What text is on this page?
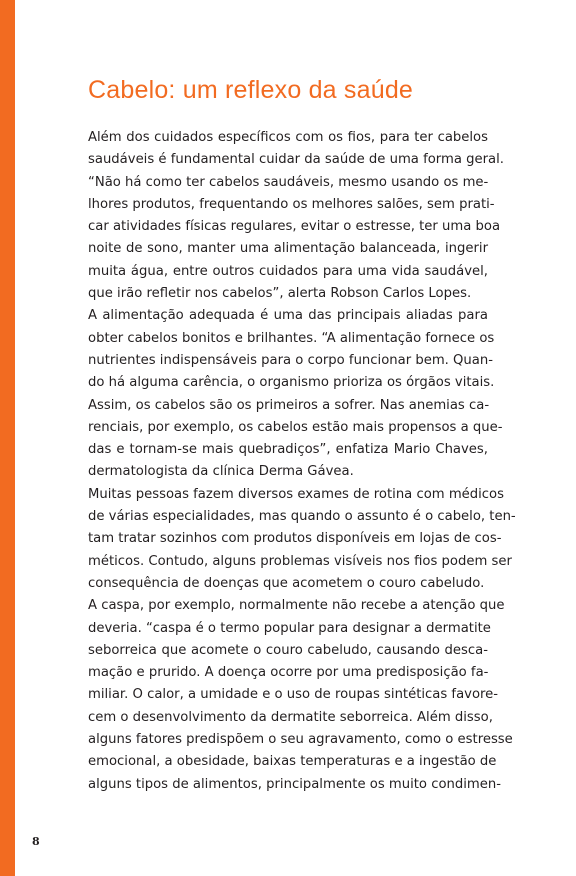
Cabelo: um reflexo da saúde
Além dos cuidados específicos com os fios, para ter cabelos
saudáveis é fundamental cuidar da saúde de uma forma geral.
“Não há como ter cabelos saudáveis, mesmo usando os me-
lhores produtos, frequentando os melhores salões, sem prati-
car atividades físicas regulares, evitar o estresse, ter uma boa
noite de sono, manter uma alimentação balanceada, ingerir
muita água, entre outros cuidados para uma vida saudável,
que irão refletir nos cabelos”, alerta Robson Carlos Lopes.
A alimentação adequada é uma das principais aliadas para
obter cabelos bonitos e brilhantes. “A alimentação fornece os
nutrientes indispensáveis para o corpo funcionar bem. Quan-
do há alguma carência, o organismo prioriza os órgãos vitais.
Assim, os cabelos são os primeiros a sofrer. Nas anemias ca-
renciais, por exemplo, os cabelos estão mais propensos a que-
das e tornam-se mais quebradiços”, enfatiza Mario Chaves,
dermatologista da clínica Derma Gávea.
Muitas pessoas fazem diversos exames de rotina com médicos
de várias especialidades, mas quando o assunto é o cabelo, ten-
tam tratar sozinhos com produtos disponíveis em lojas de cos-
méticos. Contudo, alguns problemas visíveis nos fios podem ser
consequência de doenças que acometem o couro cabeludo.
A caspa, por exemplo, normalmente não recebe a atenção que
deveria. “caspa é o termo popular para designar a dermatite
seborreica que acomete o couro cabeludo, causando desca-
mação e prurido. A doença ocorre por uma predisposição fa-
miliar. O calor, a umidade e o uso de roupas sintéticas favore-
cem o desenvolvimento da dermatite seborreica. Além disso,
alguns fatores predispõem o seu agravamento, como o estresse
emocional, a obesidade, baixas temperaturas e a ingestão de
alguns tipos de alimentos, principalmente os muito condimen-
8
